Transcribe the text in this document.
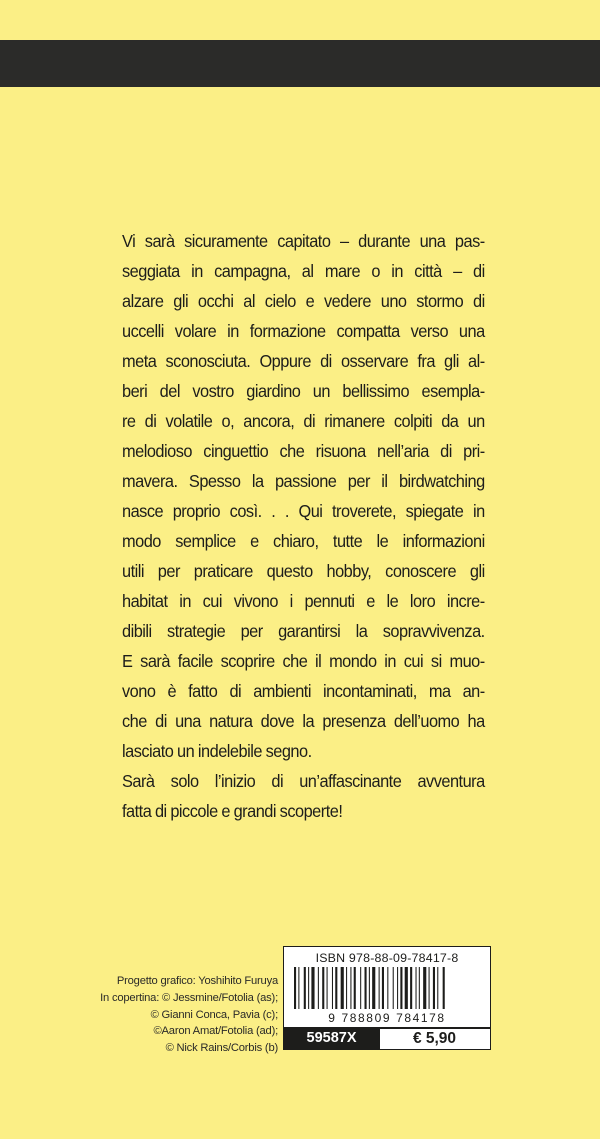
Vi sarà sicuramente capitato – durante una pas-
seggiata in campagna, al mare o in città – di
alzare gli occhi al cielo e vedere uno stormo di
uccelli volare in formazione compatta verso una
meta sconosciuta. Oppure di osservare fra gli al-
beri del vostro giardino un bellissimo esempla-
re di volatile o, ancora, di rimanere colpiti da un
melodioso cinguettio che risuona nell’aria di pri-
mavera. Spesso la passione per il birdwatching
nasce proprio così. . . Qui troverete, spiegate in
modo semplice e chiaro, tutte le informazioni
utili per praticare questo hobby, conoscere gli
habitat in cui vivono i pennuti e le loro incre-
dibili strategie per garantirsi la sopravvivenza.
E sarà facile scoprire che il mondo in cui si muo-
vono è fatto di ambienti incontaminati, ma an-
che di una natura dove la presenza dell’uomo ha
lasciato un indelebile segno.
Sarà solo l’inizio di un’affascinante avventura
fatta di piccole e grandi scoperte!
Progetto grafico: Yoshihito Furuya
In copertina: © Jessmine/Fotolia (as);
© Gianni Conca, Pavia (c);
©Aaron Amat/Fotolia (ad);
© Nick Rains/Corbis (b)
ISBN 978-88-09-78417-8
9 788809 784178
59587X	€ 5,90
